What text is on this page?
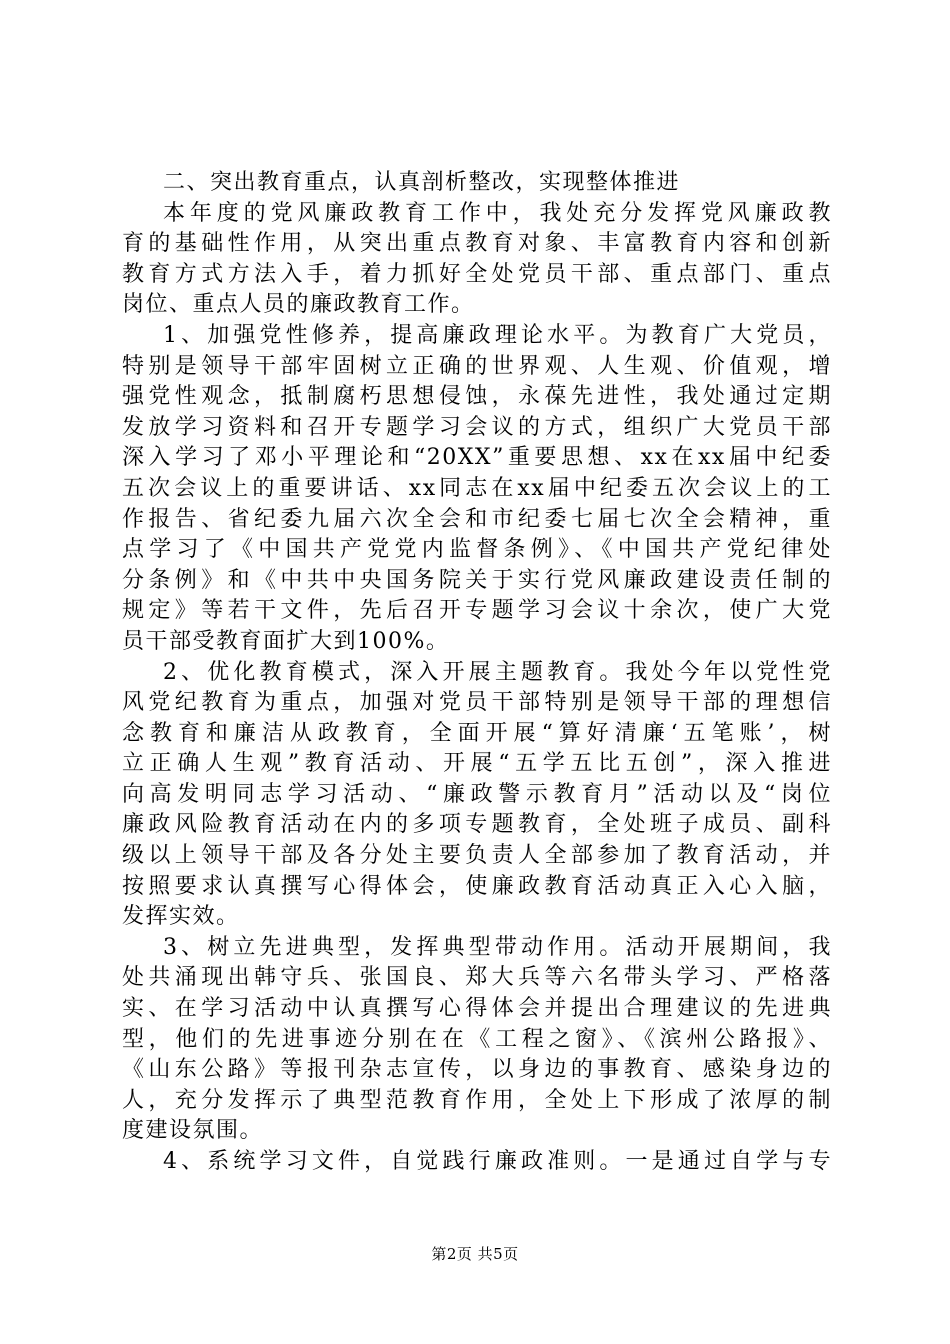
二、突出教育重点，认真剖析整改，实现整体推进
本年度的党风廉政教育工作中，我处充分发挥党风廉政教
育的基础性作用，从突出重点教育对象、丰富教育内容和创新
教育方式方法入手，着力抓好全处党员干部、重点部门、重点
岗位、重点人员的廉政教育工作。
1、加强党性修养，提高廉政理论水平。为教育广大党员，
特别是领导干部牢固树立正确的世界观、人生观、价值观，增
强党性观念，抵制腐朽思想侵蚀，永葆先进性，我处通过定期
发放学习资料和召开专题学习会议的方式，组织广大党员干部
深入学习了邓小平理论和“20XX”重要思想、xx在xx届中纪委
五次会议上的重要讲话、xx同志在xx届中纪委五次会议上的工
作报告、省纪委九届六次全会和市纪委七届七次全会精神，重
点学习了《中国共产党党内监督条例》、《中国共产党纪律处
分条例》和《中共中央国务院关于实行党风廉政建设责任制的
规定》等若干文件，先后召开专题学习会议十余次，使广大党
员干部受教育面扩大到100%。
2、优化教育模式，深入开展主题教育。我处今年以党性党
风党纪教育为重点，加强对党员干部特别是领导干部的理想信
念教育和廉洁从政教育，全面开展“算好清廉‘五笔账’，树
立正确人生观”教育活动、开展“五学五比五创”，深入推进
向高发明同志学习活动、“廉政警示教育月”活动以及“岗位
廉政风险教育活动在内的多项专题教育，全处班子成员、副科
级以上领导干部及各分处主要负责人全部参加了教育活动，并
按照要求认真撰写心得体会，使廉政教育活动真正入心入脑，
发挥实效。
3、树立先进典型，发挥典型带动作用。活动开展期间，我
处共涌现出韩守兵、张国良、郑大兵等六名带头学习、严格落
实、在学习活动中认真撰写心得体会并提出合理建议的先进典
型，他们的先进事迹分别在在《工程之窗》、《滨州公路报》、
《山东公路》等报刊杂志宣传，以身边的事教育、感染身边的
人，充分发挥示了典型范教育作用，全处上下形成了浓厚的制
度建设氛围。
4、系统学习文件，自觉践行廉政准则。一是通过自学与专
第2页 共5页
